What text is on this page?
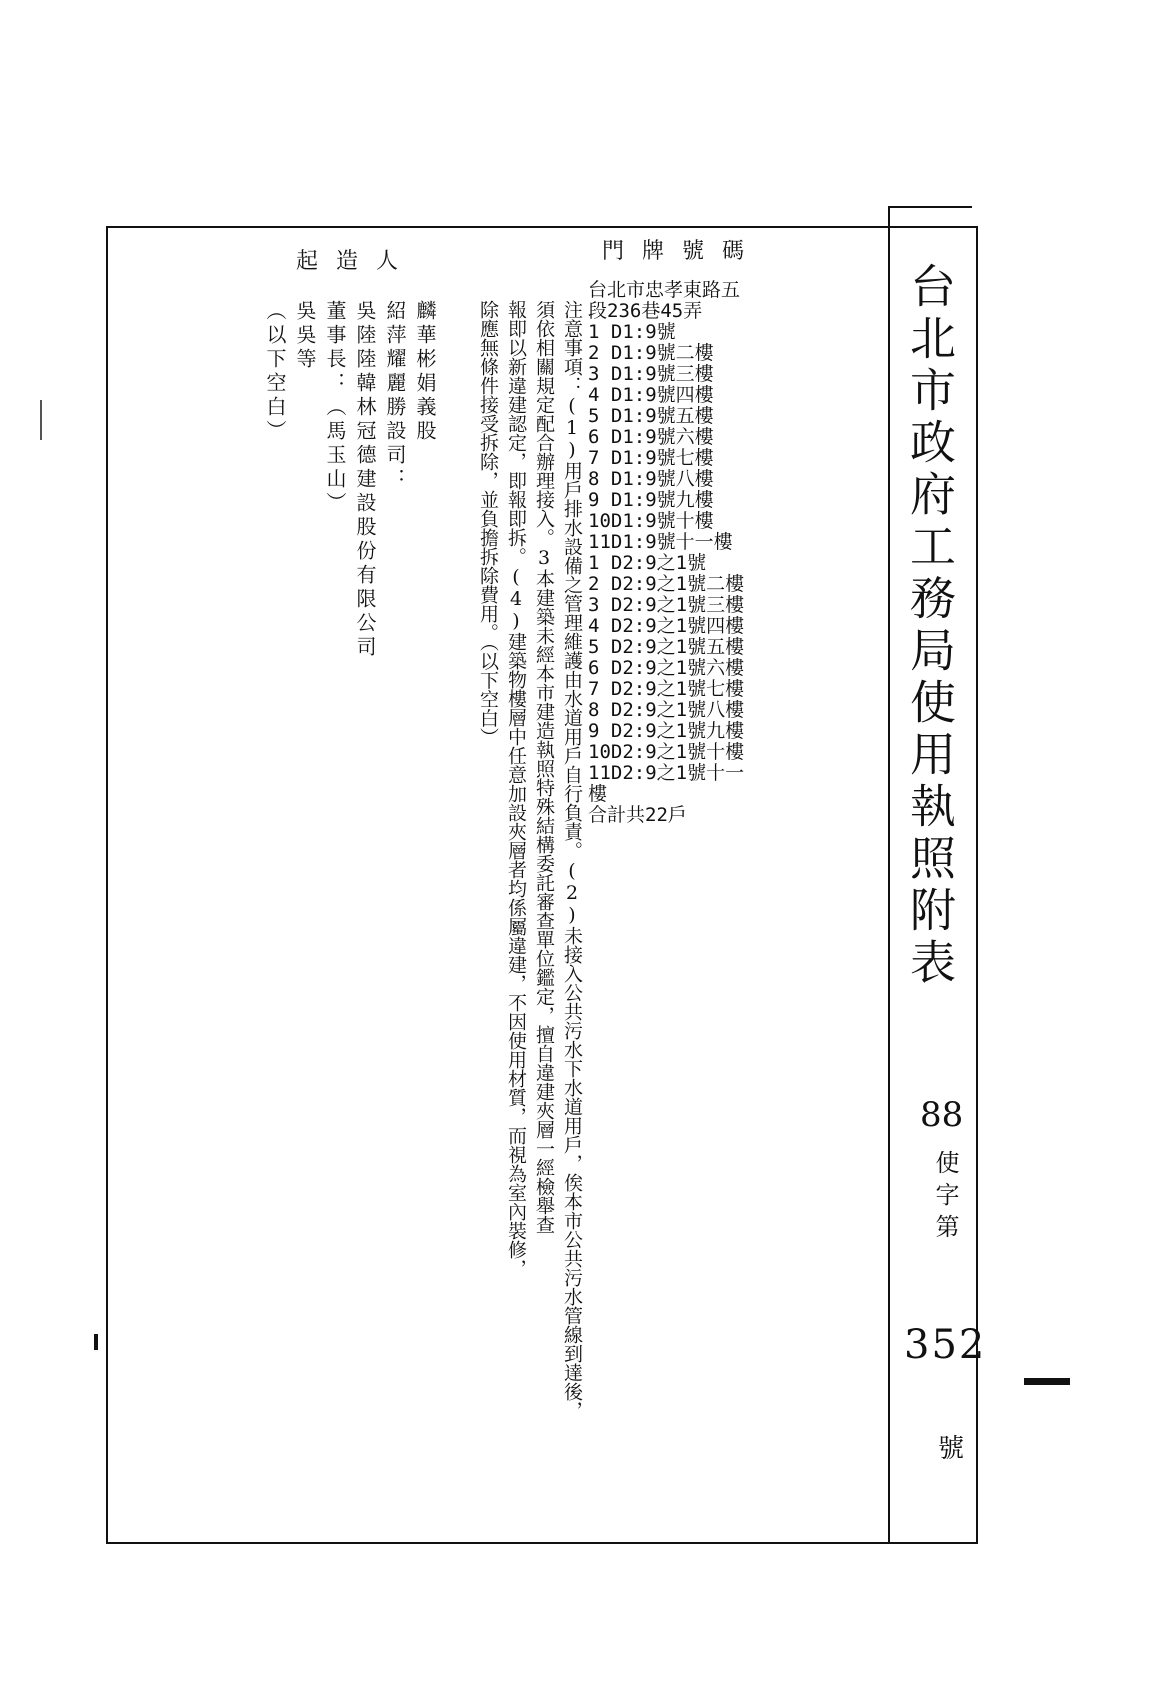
台北市政府工務局使用執照附表
88
使字第
352
號
門牌號碼
起造人
台北市忠孝東路五
段236巷45弄
1 D1:9號
2 D1:9號二樓
3 D1:9號三樓
4 D1:9號四樓
5 D1:9號五樓
6 D1:9號六樓
7 D1:9號七樓
8 D1:9號八樓
9 D1:9號九樓
10D1:9號十樓
11D1:9號十一樓
1 D2:9之1號
2 D2:9之1號二樓
3 D2:9之1號三樓
4 D2:9之1號四樓
5 D2:9之1號五樓
6 D2:9之1號六樓
7 D2:9之1號七樓
8 D2:9之1號八樓
9 D2:9之1號九樓
10D2:9之1號十樓
11D2:9之1號十一樓
合計共22戶
注意事項：(1)用戶排水設備之管理維護由水道用戶自行負責。(2)未接入公共污水下水道用戶，俟本市公共污水管線到達後，
須依相關規定配合辦理接入。3本建築未經本市建造執照特殊結構委託審查單位鑑定，擅自違建夾層一經檢舉查
報即以新違建認定，即報即拆。(4)建築物樓層中任意加設夾層者均係屬違建，不因使用材質，而視為室內裝修，
除應無條件接受拆除，並負擔拆除費用。（以下空白）
麟華彬娟義股
紹萍耀麗勝設司：
吳陸陸韓林冠德建設股份有限公司
董事長：（馬玉山）
吳吳等
（以下空白）
